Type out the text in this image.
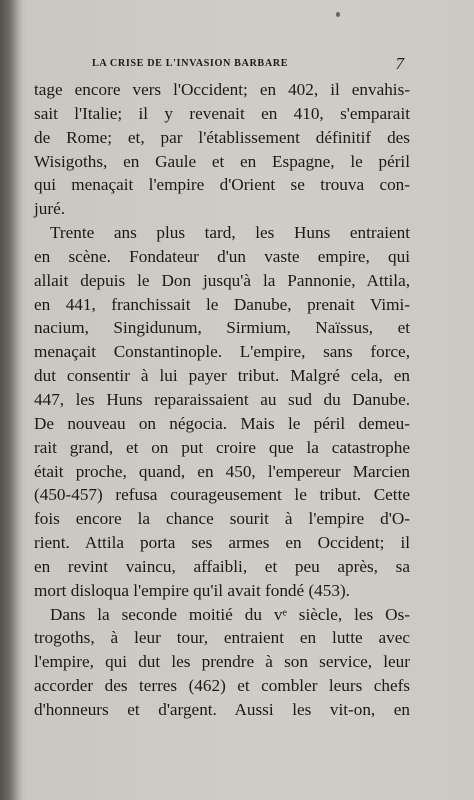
LA CRISE DE L'INVASION BARBARE	7
tage encore vers l'Occident; en 402, il envahis-
sait l'Italie; il y revenait en 410, s'emparait
de Rome; et, par l'établissement définitif des
Wisigoths, en Gaule et en Espagne, le péril
qui menaçait l'empire d'Orient se trouva con-
juré.
Trente ans plus tard, les Huns entraient
en scène. Fondateur d'un vaste empire, qui
allait depuis le Don jusqu'à la Pannonie, Attila,
en 441, franchissait le Danube, prenait Vimi-
nacium, Singidunum, Sirmium, Naïssus, et
menaçait Constantinople. L'empire, sans force,
dut consentir à lui payer tribut. Malgré cela, en
447, les Huns reparaissaient au sud du Danube.
De nouveau on négocia. Mais le péril demeu-
rait grand, et on put croire que la catastrophe
était proche, quand, en 450, l'empereur Marcien
(450-457) refusa courageusement le tribut. Cette
fois encore la chance sourit à l'empire d'O-
rient. Attila porta ses armes en Occident; il
en revint vaincu, affaibli, et peu après, sa
mort disloqua l'empire qu'il avait fondé (453).
Dans la seconde moitié du vᵉ siècle, les Os-
trogoths, à leur tour, entraient en lutte avec
l'empire, qui dut les prendre à son service, leur
accorder des terres (462) et combler leurs chefs
d'honneurs et d'argent. Aussi les vit-on, en
